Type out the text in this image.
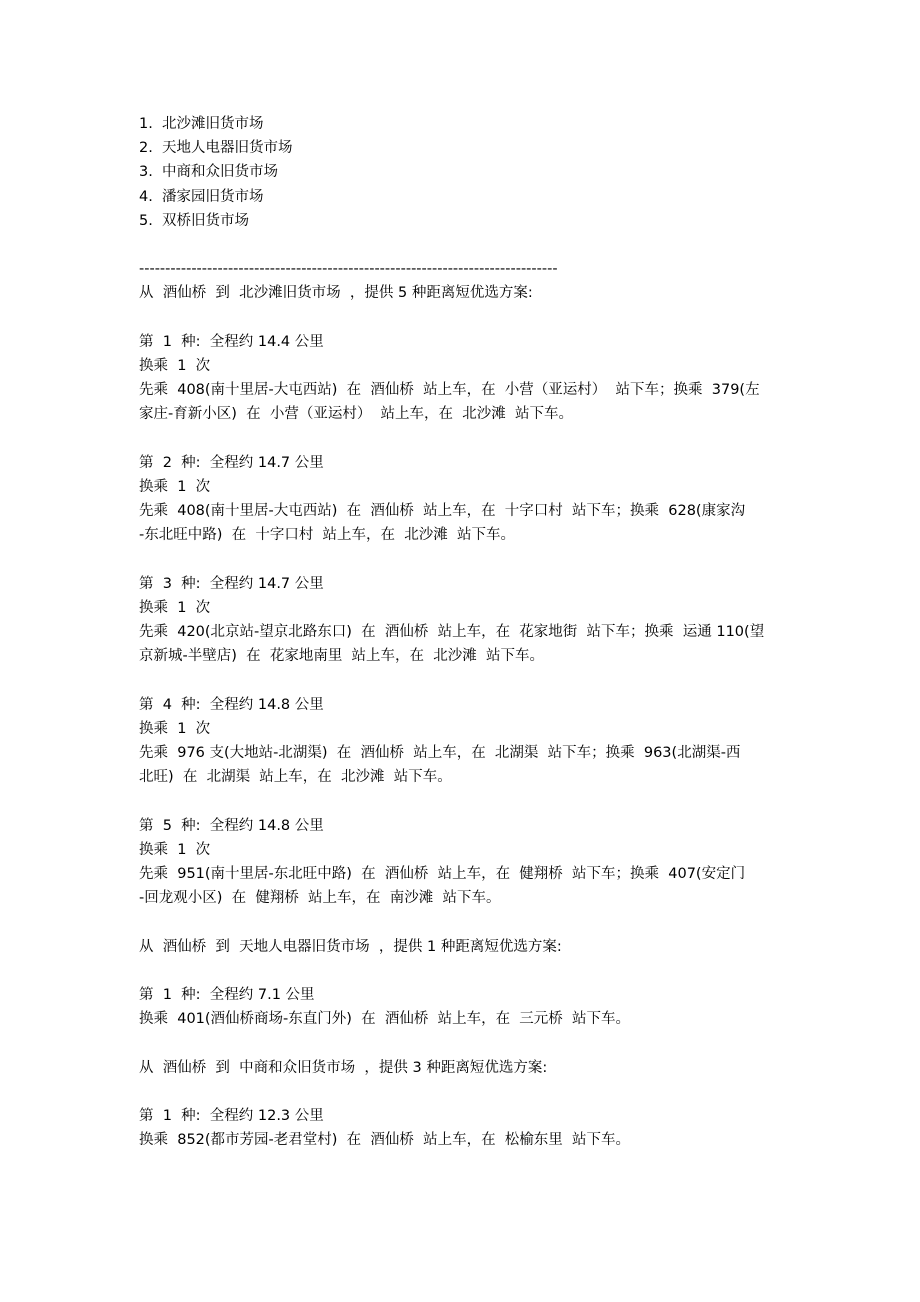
1.  北沙滩旧货市场
2.  天地人电器旧货市场
3.  中商和众旧货市场
4.  潘家园旧货市场
5.  双桥旧货市场
--------------------------------------------------------------------------------
从  酒仙桥  到  北沙滩旧货市场  ，提供 5 种距离短优选方案:
第  1  种:  全程约 14.4 公里
换乘  1  次
先乘  408(南十里居-大屯西站)  在  酒仙桥  站上车，在  小营（亚运村）  站下车；换乘  379(左
家庄-育新小区)  在  小营（亚运村）  站上车，在  北沙滩  站下车。
第  2  种:  全程约 14.7 公里
换乘  1  次
先乘  408(南十里居-大屯西站)  在  酒仙桥  站上车，在  十字口村  站下车；换乘  628(康家沟
-东北旺中路)  在  十字口村  站上车，在  北沙滩  站下车。
第  3  种:  全程约 14.7 公里
换乘  1  次
先乘  420(北京站-望京北路东口)  在  酒仙桥  站上车，在  花家地街  站下车；换乘  运通 110(望
京新城-半壁店)  在  花家地南里  站上车，在  北沙滩  站下车。
第  4  种:  全程约 14.8 公里
换乘  1  次
先乘  976 支(大地站-北湖渠)  在  酒仙桥  站上车，在  北湖渠  站下车；换乘  963(北湖渠-西
北旺)  在  北湖渠  站上车，在  北沙滩  站下车。
第  5  种:  全程约 14.8 公里
换乘  1  次
先乘  951(南十里居-东北旺中路)  在  酒仙桥  站上车，在  健翔桥  站下车；换乘  407(安定门
-回龙观小区)  在  健翔桥  站上车，在  南沙滩  站下车。
从  酒仙桥  到  天地人电器旧货市场  ，提供 1 种距离短优选方案:
第  1  种:  全程约 7.1 公里
换乘  401(酒仙桥商场-东直门外)  在  酒仙桥  站上车，在  三元桥  站下车。
从  酒仙桥  到  中商和众旧货市场  ，提供 3 种距离短优选方案:
第  1  种:  全程约 12.3 公里
换乘  852(都市芳园-老君堂村)  在  酒仙桥  站上车，在  松榆东里  站下车。
